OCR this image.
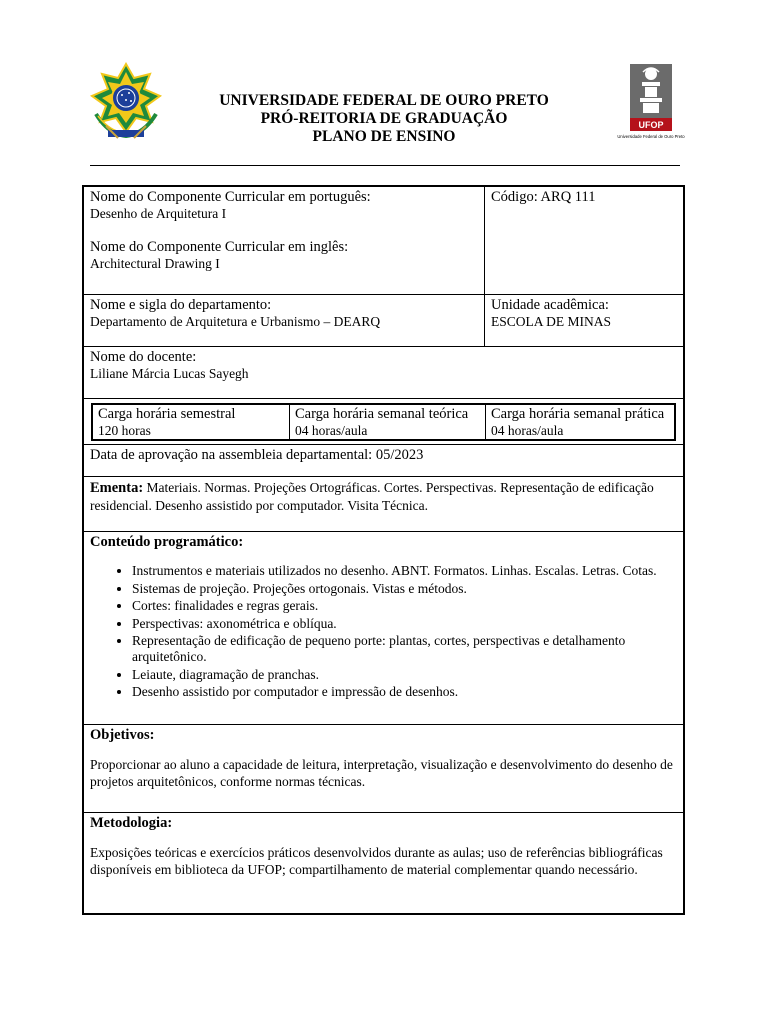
UNIVERSIDADE FEDERAL DE OURO PRETO
PRÓ-REITORIA DE GRADUAÇÃO
PLANO DE ENSINO
UFOP
Universidade Federal de Ouro Preto
Nome do Componente Curricular em português:
Desenho de Arquitetura I
Nome do Componente Curricular em inglês:
Architectural Drawing I
Código: ARQ 111
Nome e sigla do departamento:
Departamento de Arquitetura e Urbanismo – DEARQ
Unidade acadêmica:
ESCOLA DE MINAS
Nome do docente:
Liliane Márcia Lucas Sayegh
Carga horária semestral
120 horas
Carga horária semanal teórica
04 horas/aula
Carga horária semanal prática
04 horas/aula
Data de aprovação na assembleia departamental: 05/2023
Ementa: Materiais. Normas. Projeções Ortográficas. Cortes. Perspectivas. Representação de edificação residencial. Desenho assistido por computador. Visita Técnica.
Conteúdo programático:
• Instrumentos e materiais utilizados no desenho. ABNT. Formatos. Linhas. Escalas. Letras. Cotas.
• Sistemas de projeção. Projeções ortogonais. Vistas e métodos.
• Cortes: finalidades e regras gerais.
• Perspectivas: axonométrica e oblíqua.
• Representação de edificação de pequeno porte: plantas, cortes, perspectivas e detalhamento arquitetônico.
• Leiaute, diagramação de pranchas.
• Desenho assistido por computador e impressão de desenhos.
Objetivos:
Proporcionar ao aluno a capacidade de leitura, interpretação, visualização e desenvolvimento do desenho de projetos arquitetônicos, conforme normas técnicas.
Metodologia:
Exposições teóricas e exercícios práticos desenvolvidos durante as aulas; uso de referências bibliográficas disponíveis em biblioteca da UFOP; compartilhamento de material complementar quando necessário.
